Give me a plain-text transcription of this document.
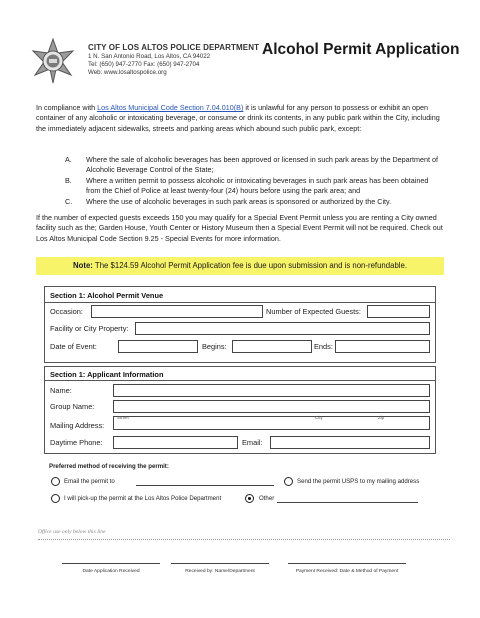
CITY OF LOS ALTOS POLICE DEPARTMENT
1 N. San Antonio Road, Los Altos, CA 94022
Tel: (650) 947-2770 Fax: (650) 947-2704
Web: www.losaltospolice.org
Alcohol Permit Application
In compliance with Los Altos Municipal Code Section 7.04.010(B) it is unlawful for any person to possess or exhibit an open container of any alcoholic or intoxicating beverage, or consume or drink its contents, in any public park within the City, including the immediately adjacent sidewalks, streets and parking areas which abound such public park, except:
A. Where the sale of alcoholic beverages has been approved or licensed in such park areas by the Department of Alcoholic Beverage Control of the State;
B. Where a written permit to possess alcoholic or intoxicating beverages in such park areas has been obtained from the Chief of Police at least twenty-four (24) hours before using the park area; and
C. Where the use of alcoholic beverages in such park areas is sponsored or authorized by the City.
If the number of expected guests exceeds 150 you may qualify for a Special Event Permit unless you are renting a City owned facility such as the; Garden House, Youth Center or History Museum then a Special Event Permit will not be required. Check out Los Altos Municipal Code Section 9.25 - Special Events for more information.
Note: The $124.59 Alcohol Permit Application fee is due upon submission and is non-refundable.
Section 1: Alcohol Permit Venue
Occasion:	Number of Expected Guests:
Facility or City Property:
Date of Event:	Begins:	Ends:
Section 1: Applicant Information
Name:
Group Name:
Mailing Address:
Street	City	Zip
Daytime Phone:	Email:
Preferred method of receiving the permit:
Email the permit to	Send the permit USPS to my mailing address
I will pick-up the permit at the Los Altos Police Department	Other
Office use only below this line
Date Application Received	Received by: Name/Department	Payment Received: Date & Method of Payment
